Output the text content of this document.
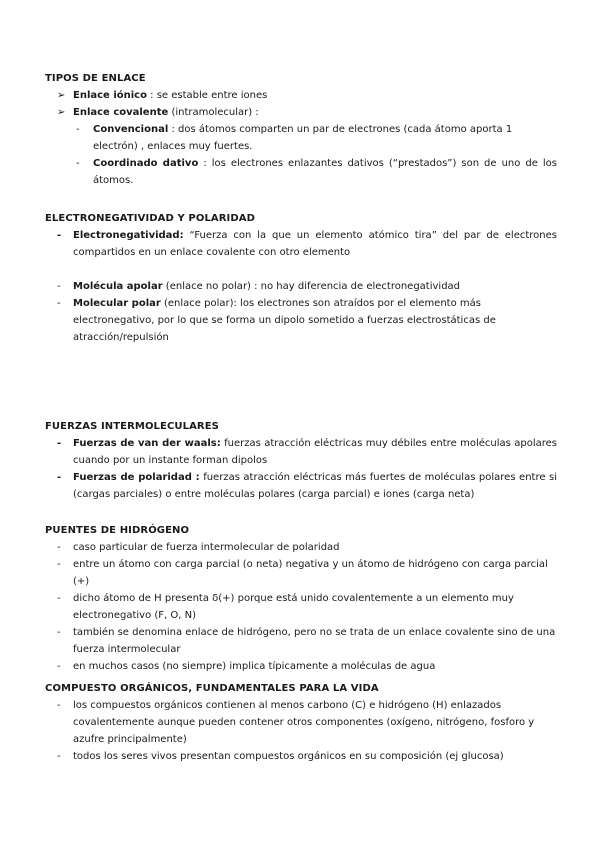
TIPOS DE ENLACE
➢ Enlace iónico : se estable entre iones
➢ Enlace covalente (intramolecular) :
- Convencional : dos átomos comparten un par de electrones (cada átomo aporta 1 electrón) , enlaces muy fuertes.
- Coordinado dativo : los electrones enlazantes dativos (“prestados”) son de uno de los átomos.
ELECTRONEGATIVIDAD Y POLARIDAD
- Electronegatividad: “Fuerza con la que un elemento atómico tira” del par de electrones compartidos en un enlace covalente con otro elemento
- Molécula apolar (enlace no polar) : no hay diferencia de electronegatividad
- Molecular polar (enlace polar): los electrones son atraídos por el elemento más electronegativo, por lo que se forma un dipolo sometido a fuerzas electrostáticas de atracción/repulsión
FUERZAS INTERMOLECULARES
- Fuerzas de van der waals: fuerzas atracción eléctricas muy débiles entre moléculas apolares cuando por un instante forman dipolos
- Fuerzas de polaridad : fuerzas atracción eléctricas más fuertes de moléculas polares entre si (cargas parciales) o entre moléculas polares (carga parcial) e iones (carga neta)
PUENTES DE HIDRÓGENO
- caso particular de fuerza intermolecular de polaridad
- entre un átomo con carga parcial (o neta) negativa y un átomo de hidrógeno con carga parcial (+)
- dicho átomo de H presenta δ(+) porque está unido covalentemente a un elemento muy electronegativo (F, O, N)
- también se denomina enlace de hidrógeno, pero no se trata de un enlace covalente sino de una fuerza intermolecular
- en muchos casos (no siempre) implica típicamente a moléculas de agua
COMPUESTO ORGÁNICOS, FUNDAMENTALES PARA LA VIDA
- los compuestos orgánicos contienen al menos carbono (C) e hidrógeno (H) enlazados covalentemente aunque pueden contener otros componentes (oxígeno, nitrógeno, fosforo y azufre principalmente)
- todos los seres vivos presentan compuestos orgánicos en su composición (ej glucosa)
